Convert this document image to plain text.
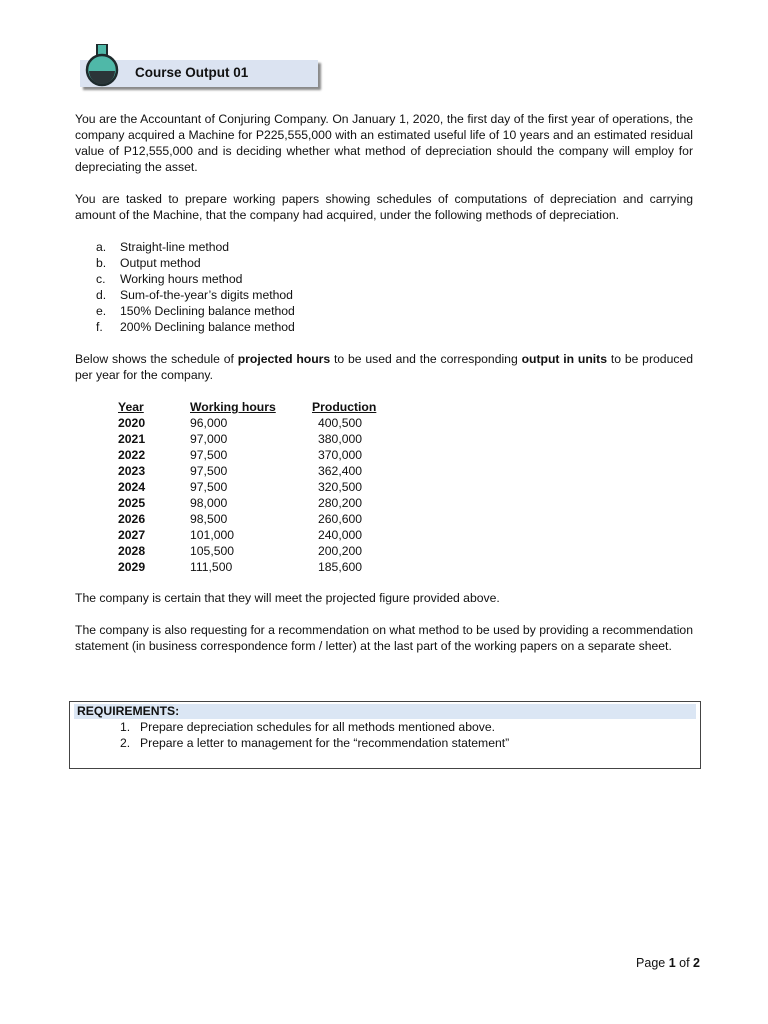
Course Output 01
You are the Accountant of Conjuring Company. On January 1, 2020, the first day of the first year of operations, the company acquired a Machine for P225,555,000 with an estimated useful life of 10 years and an estimated residual value of P12,555,000 and is deciding whether what method of depreciation should the company will employ for depreciating the asset.
You are tasked to prepare working papers showing schedules of computations of depreciation and carrying amount of the Machine, that the company had acquired, under the following methods of depreciation.
a. Straight-line method
b. Output method
c. Working hours method
d. Sum-of-the-year’s digits method
e. 150% Declining balance method
f. 200% Declining balance method
Below shows the schedule of projected hours to be used and the corresponding output in units to be produced per year for the company.
Year	Working hours	Production
2020	96,000	400,500
2021	97,000	380,000
2022	97,500	370,000
2023	97,500	362,400
2024	97,500	320,500
2025	98,000	280,200
2026	98,500	260,600
2027	101,000	240,000
2028	105,500	200,200
2029	111,500	185,600
The company is certain that they will meet the projected figure provided above.
The company is also requesting for a recommendation on what method to be used by providing a recommendation statement (in business correspondence form / letter) at the last part of the working papers on a separate sheet.
REQUIREMENTS:
1. Prepare depreciation schedules for all methods mentioned above.
2. Prepare a letter to management for the “recommendation statement”
Page 1 of 2
